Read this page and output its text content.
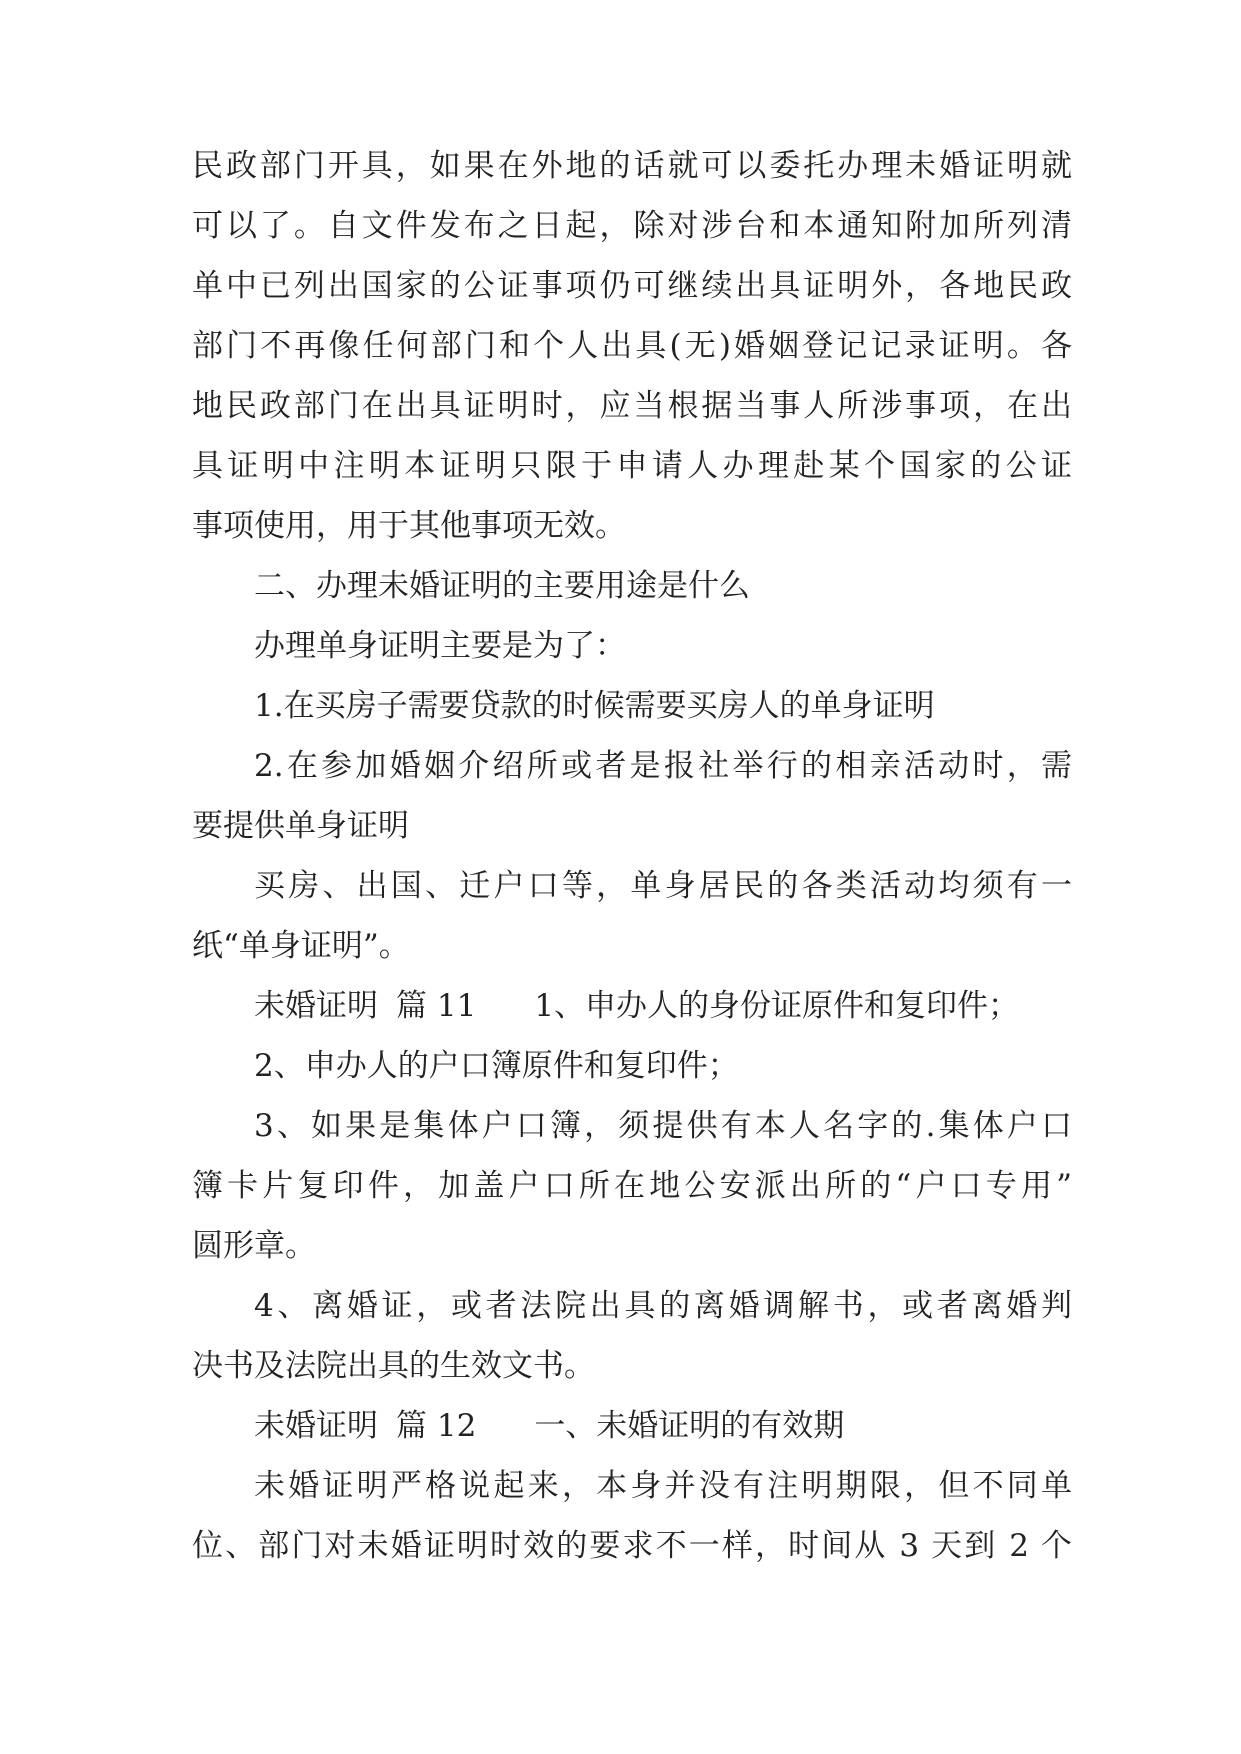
民政部门开具，如果在外地的话就可以委托办理未婚证明就
可以了。自文件发布之日起，除对涉台和本通知附加所列清
单中已列出国家的公证事项仍可继续出具证明外，各地民政
部门不再像任何部门和个人出具(无)婚姻登记记录证明。各
地民政部门在出具证明时，应当根据当事人所涉事项，在出
具证明中注明本证明只限于申请人办理赴某个国家的公证
事项使用，用于其他事项无效。
二、办理未婚证明的主要用途是什么
办理单身证明主要是为了：
1.在买房子需要贷款的时候需要买房人的单身证明
2.在参加婚姻介绍所或者是报社举行的相亲活动时，需
要提供单身证明
买房、出国、迁户口等，单身居民的各类活动均须有一
纸“单身证明”。
未婚证明 篇 11 1、申办人的身份证原件和复印件；
2、申办人的户口簿原件和复印件；
3、如果是集体户口簿，须提供有本人名字的.集体户口
簿卡片复印件，加盖户口所在地公安派出所的“户口专用”
圆形章。
4、离婚证，或者法院出具的离婚调解书，或者离婚判
决书及法院出具的生效文书。
未婚证明 篇 12 一、未婚证明的有效期
未婚证明严格说起来，本身并没有注明期限，但不同单
位、部门对未婚证明时效的要求不一样，时间从 3 天到 2 个
